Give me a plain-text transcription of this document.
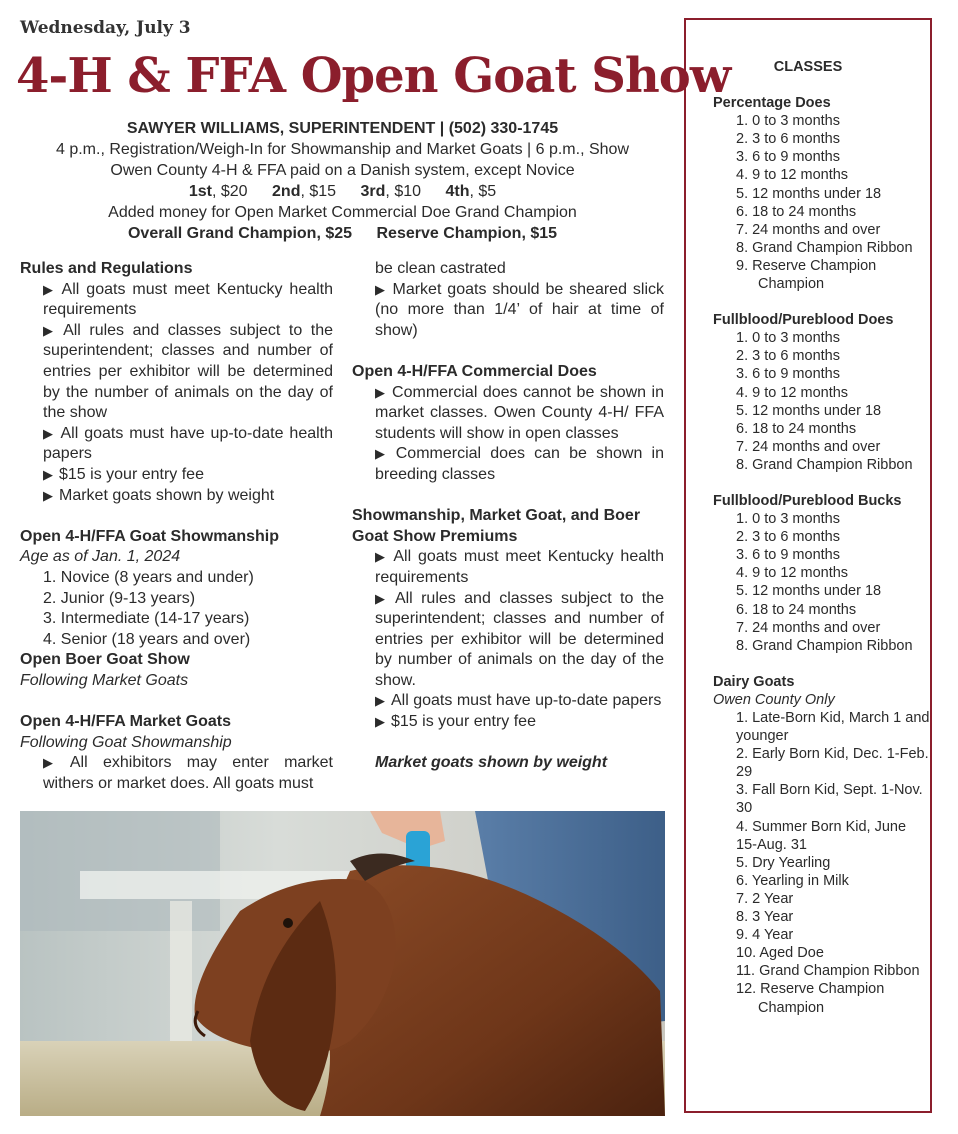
Wednesday, July 3
4-H & FFA Open Goat Show
SAWYER WILLIAMS, SUPERINTENDENT | (502) 330-1745
4 p.m., Registration/Weigh-In for Showmanship and Market Goats | 6 p.m., Show
Owen County 4-H & FFA paid on a Danish system, except Novice
1st, $20 2nd, $15 3rd, $10 4th, $5
Added money for Open Market Commercial Doe Grand Champion
Overall Grand Champion, $25 Reserve Champion, $15
Rules and Regulations
▶ All goats must meet Kentucky health requirements
▶ All rules and classes subject to the superintendent; classes and number of entries per exhibitor will be determined by the number of animals on the day of the show
▶ All goats must have up-to-date health papers
▶ $15 is your entry fee
▶ Market goats shown by weight
Open 4-H/FFA Goat Showmanship
Age as of Jan. 1, 2024
1. Novice (8 years and under)
2. Junior (9-13 years)
3. Intermediate (14-17 years)
4. Senior (18 years and over)
Open Boer Goat Show
Following Market Goats
Open 4-H/FFA Market Goats
Following Goat Showmanship
▶ All exhibitors may enter market withers or market does. All goats must
be clean castrated
▶ Market goats should be sheared slick (no more than 1/4’ of hair at time of show)
Open 4-H/FFA Commercial Does
▶ Commercial does cannot be shown in market classes. Owen County 4-H/ FFA students will show in open classes
▶ Commercial does can be shown in breeding classes
Showmanship, Market Goat, and Boer Goat Show Premiums
▶ All goats must meet Kentucky health requirements
▶ All rules and classes subject to the superintendent; classes and number of entries per exhibitor will be determined by number of animals on the day of the show.
▶ All goats must have up-to-date papers
▶ $15 is your entry fee
Market goats shown by weight
CLASSES
Percentage Does
1. 0 to 3 months
2. 3 to 6 months
3. 6 to 9 months
4. 9 to 12 months
5. 12 months under 18
6. 18 to 24 months
7. 24 months and over
8. Grand Champion Ribbon
9. Reserve Champion Champion
Fullblood/Pureblood Does
1. 0 to 3 months
2. 3 to 6 months
3. 6 to 9 months
4. 9 to 12 months
5. 12 months under 18
6. 18 to 24 months
7. 24 months and over
8. Grand Champion Ribbon
Fullblood/Pureblood Bucks
1. 0 to 3 months
2. 3 to 6 months
3. 6 to 9 months
4. 9 to 12 months
5. 12 months under 18
6. 18 to 24 months
7. 24 months and over
8. Grand Champion Ribbon
Dairy Goats
Owen County Only
1. Late-Born Kid, March 1 and younger
2. Early Born Kid, Dec. 1-Feb. 29
3. Fall Born Kid, Sept. 1-Nov. 30
4. Summer Born Kid, June 15-Aug. 31
5. Dry Yearling
6. Yearling in Milk
7. 2 Year
8. 3 Year
9. 4 Year
10. Aged Doe
11. Grand Champion Ribbon
12. Reserve Champion Champion
